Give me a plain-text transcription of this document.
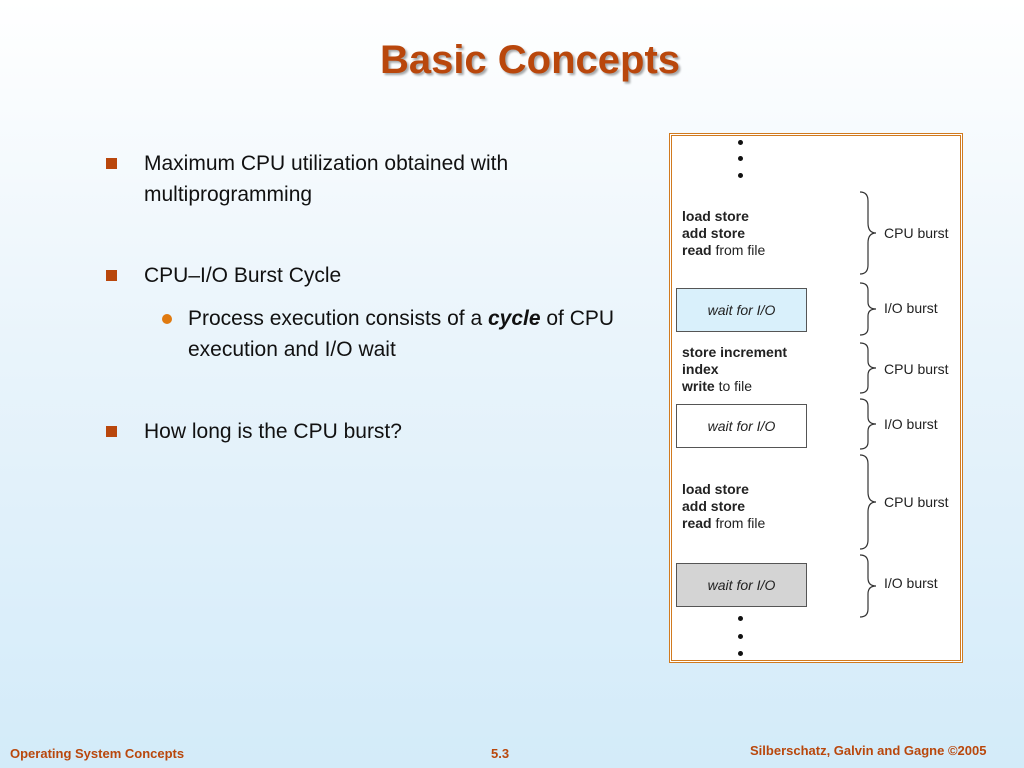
Basic Concepts
Maximum CPU utilization obtained with multiprogramming
CPU–I/O Burst Cycle
Process execution consists of a cycle of CPU execution and I/O wait
How long is the CPU burst?
load store
add store
read from file
wait for I/O
store increment
index
write to file
wait for I/O
load store
add store
read from file
wait for I/O
CPU burst
I/O burst
CPU burst
I/O burst
CPU burst
I/O burst
Operating System Concepts	5.3	Silberschatz, Galvin and Gagne ©2005
